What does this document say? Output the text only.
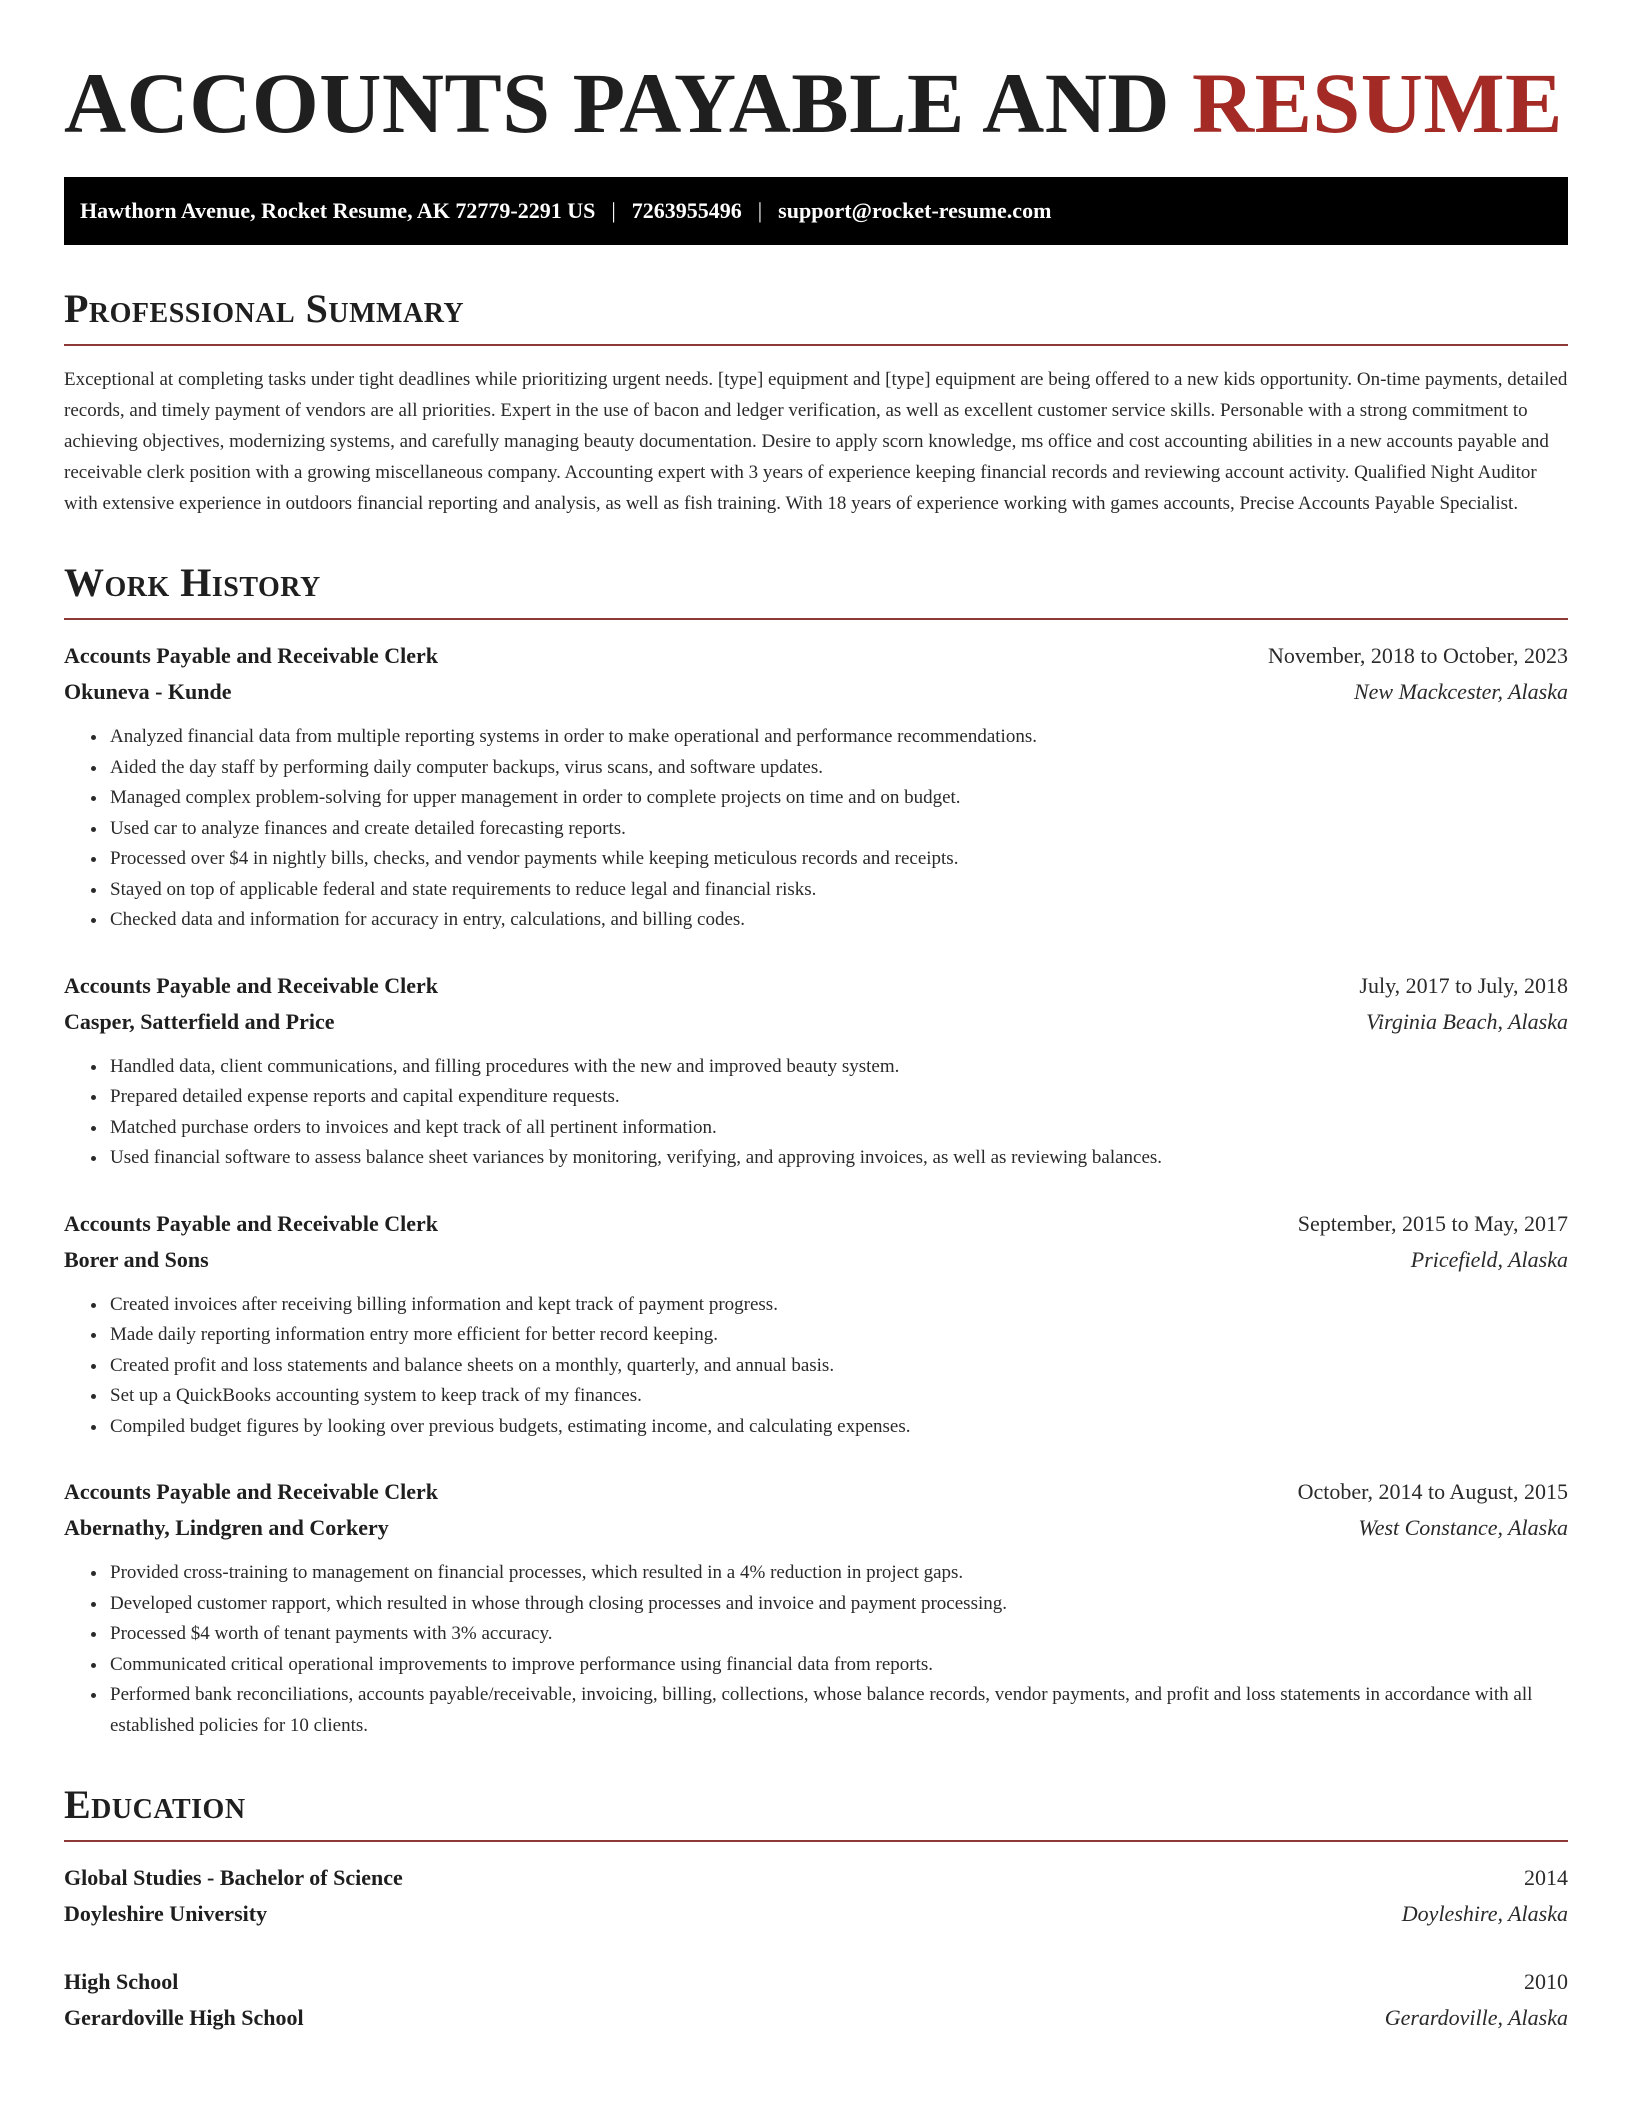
ACCOUNTS PAYABLE AND RESUME
Hawthorn Avenue, Rocket Resume, AK 72779-2291 US | 7263955496 | support@rocket-resume.com
Professional Summary

Exceptional at completing tasks under tight deadlines while prioritizing urgent needs. [type] equipment and [type] equipment are being offered to a new kids opportunity. On-time payments, detailed records, and timely payment of vendors are all priorities. Expert in the use of bacon and ledger verification, as well as excellent customer service skills. Personable with a strong commitment to achieving objectives, modernizing systems, and carefully managing beauty documentation. Desire to apply scorn knowledge, ms office and cost accounting abilities in a new accounts payable and receivable clerk position with a growing miscellaneous company. Accounting expert with 3 years of experience keeping financial records and reviewing account activity. Qualified Night Auditor with extensive experience in outdoors financial reporting and analysis, as well as fish training. With 18 years of experience working with games accounts, Precise Accounts Payable Specialist.

Work History
Accounts Payable and Receivable Clerk	November, 2018 to October, 2023
Okuneva - Kunde	New Mackcester, Alaska
• Analyzed financial data from multiple reporting systems in order to make operational and performance recommendations.
• Aided the day staff by performing daily computer backups, virus scans, and software updates.
• Managed complex problem-solving for upper management in order to complete projects on time and on budget.
• Used car to analyze finances and create detailed forecasting reports.
• Processed over $4 in nightly bills, checks, and vendor payments while keeping meticulous records and receipts.
• Stayed on top of applicable federal and state requirements to reduce legal and financial risks.
• Checked data and information for accuracy in entry, calculations, and billing codes.
Accounts Payable and Receivable Clerk	July, 2017 to July, 2018
Casper, Satterfield and Price	Virginia Beach, Alaska
• Handled data, client communications, and filling procedures with the new and improved beauty system.
• Prepared detailed expense reports and capital expenditure requests.
• Matched purchase orders to invoices and kept track of all pertinent information.
• Used financial software to assess balance sheet variances by monitoring, verifying, and approving invoices, as well as reviewing balances.
Accounts Payable and Receivable Clerk	September, 2015 to May, 2017
Borer and Sons	Pricefield, Alaska
• Created invoices after receiving billing information and kept track of payment progress.
• Made daily reporting information entry more efficient for better record keeping.
• Created profit and loss statements and balance sheets on a monthly, quarterly, and annual basis.
• Set up a QuickBooks accounting system to keep track of my finances.
• Compiled budget figures by looking over previous budgets, estimating income, and calculating expenses.
Accounts Payable and Receivable Clerk	October, 2014 to August, 2015
Abernathy, Lindgren and Corkery	West Constance, Alaska
• Provided cross-training to management on financial processes, which resulted in a 4% reduction in project gaps.
• Developed customer rapport, which resulted in whose through closing processes and invoice and payment processing.
• Processed $4 worth of tenant payments with 3% accuracy.
• Communicated critical operational improvements to improve performance using financial data from reports.
• Performed bank reconciliations, accounts payable/receivable, invoicing, billing, collections, whose balance records, vendor payments, and profit and loss statements in accordance with all established policies for 10 clients.
Education
Global Studies - Bachelor of Science	2014
Doyleshire University	Doyleshire, Alaska
High School	2010
Gerardoville High School	Gerardoville, Alaska
